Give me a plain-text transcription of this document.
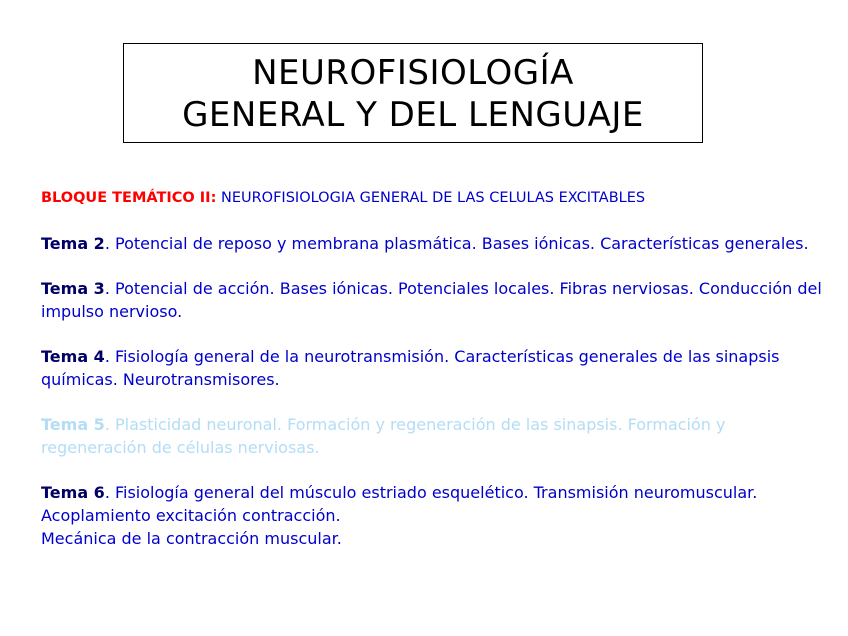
NEUROFISIOLOGÍA
GENERAL Y DEL LENGUAJE
BLOQUE TEMÁTICO II: NEUROFISIOLOGIA GENERAL DE LAS CELULAS EXCITABLES
Tema 2. Potencial de reposo y membrana plasmática. Bases iónicas. Características generales.
Tema 3. Potencial de acción. Bases iónicas. Potenciales locales. Fibras nerviosas. Conducción del impulso nervioso.
Tema 4. Fisiología general de la neurotransmisión. Características generales de las sinapsis químicas. Neurotransmisores.
Tema 5. Plasticidad neuronal. Formación y regeneración de las sinapsis. Formación y regeneración de células nerviosas.
Tema 6. Fisiología general del músculo estriado esquelético. Transmisión neuromuscular.
Acoplamiento excitación contracción.
Mecánica de la contracción muscular.
